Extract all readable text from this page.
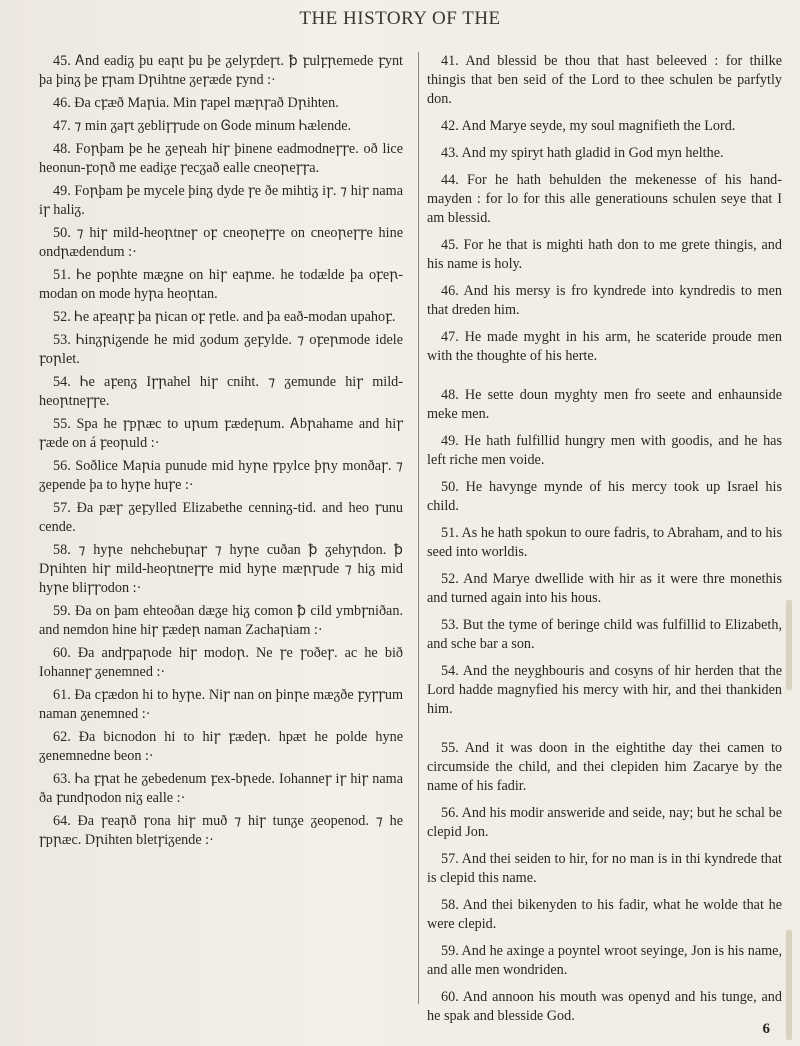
THE HISTORY OF THE

45. Ꭺnd eadiᵹ þu eaꞃt þu þe ᵹelyꝼdeꞅt. ꝥ ꝼulꝼꞃemede ꝼynt þa þinᵹ þe ꝼꞃam Dꞃihtne ᵹeꞅæde ꝼynd :·

46. Ða cꝼæð Maꞃia. Min ꞅapel mæꞃꞅað Dꞃihten.

47. ⁊ min ᵹaꞅt ᵹebliꞅꞅude on Ꮆode minum Ꮒælende.

48. Foꞃþam þe he ᵹeꞃeah hiꞅ þinene eadmodneꞅꞅe. oð lice heonun-ꝼoꞃð me eadiᵹe ꞅecᵹað ealle cneoꞃeꞅꞅa.

49. Foꞃþam þe mycele þinᵹ dyde ꞅe ðe mihtiᵹ iꞅ. ⁊ hiꞅ nama iꞅ haliᵹ.

50. ⁊ hiꞅ mild-heoꞃtneꞅ oꝼ cneoꞃeꞅꞅe on cneoꞃeꞅꞅe hine ondꞃædendum :·

51. Ꮒe poꞃhte mæᵹne on hiꞅ eaꞃme. he todælde þa oꝼeꞃ-modan on mode hyꞃa heoꞃtan.

52. Ꮒe aꝼeaꞃꝼ þa ꞃican oꝼ ꞅetle. and þa eað-modan upahoꝼ.

53. Ꮒinᵹꞃiᵹende he mid ᵹodum ᵹeꝼylde. ⁊ oꝼeꞃmode idele ꝼoꞃlet.

54. Ꮒe aꝼenᵹ Iꞅꞃahel hiꞅ cniht. ⁊ ᵹemunde hiꞅ mild-heoꞃtneꞅꞅe.

55. Spa he ꞅpꞃæc to uꞃum ꝼædeꞃum. Ꭺbꞃahame and hiꞅ ꞅæde on á ꝼeoꞃuld :·

56. Soðlice Maꞃia punude mid hyꞃe ꞅpylce þꞃy monðaꞅ. ⁊ ᵹepende þa to hyꞃe huꞅe :·

57. Ða pæꞅ ᵹeꝼylled Elizabethe cenninᵹ-tid. and heo ꞅunu cende.

58. ⁊ hyꞃe nehchebuꞃaꞅ ⁊ hyꞃe cuðan ꝥ ᵹehyꞃdon. ꝥ Dꞃihten hiꞅ mild-heoꞃtneꞅꞅe mid hyꞃe mæꞃꞅude ⁊ hiᵹ mid hyꞃe bliꞅꞅodon :·

59. Ða on þam ehteoðan dæᵹe hiᵹ comon ꝥ cild ymbꞅniðan. and nemdon hine hiꞅ ꝼædeꞃ naman Zachaꞃiam :·

60. Ða andꞅpaꞃode hiꞅ modoꞃ. Ne ꞅe ꞅoðeꞅ. ac he bið Iohanneꞅ ᵹenemned :·

61. Ða cꝼædon hi to hyꞃe. Niꞅ nan on þinꞃe mæᵹðe ꝼyꞅꞅum naman ᵹenemned :·

62. Ða bicnodon hi to hiꞅ ꝼædeꞃ. hpæt he polde hyne ᵹenemnedne beon :·

63. Ꮒa ꝼꞃat he ᵹebedenum ꝼex-bꞃede. Iohanneꞅ iꞅ hiꞅ nama ða ꝼundꞃodon niᵹ ealle :·

64. Ða ꞅeaꞃð ꞅona hiꞅ muð ⁊ hiꞅ tunᵹe ᵹeopenod. ⁊ he ꞅpꞃæc. Dꞃihten bletꞅiᵹende :·

41. And blessid be thou that hast beleeved : for thilke thingis that ben seid of the Lord to thee schulen be parfytly don.

42. And Marye seyde, my soul magnifieth the Lord.

43. And my spiryt hath gladid in God myn helthe.

44. For he hath behulden the mekenesse of his hand-mayden : for lo for this alle generatiouns schulen seye that I am blessid.

45. For he that is mighti hath don to me grete thingis, and his name is holy.

46. And his mersy is fro kyndrede into kyndredis to men that dreden him.

47. He made myght in his arm, he scateride proude men with the thoughte of his herte.

48. He sette doun myghty men fro seete and enhaunside meke men.

49. He hath fulfillid hungry men with goodis, and he has left riche men voide.

50. He havynge mynde of his mercy took up Israel his child.

51. As he hath spokun to oure fadris, to Abraham, and to his seed into worldis.

52. And Marye dwellide with hir as it were thre monethis and turned again into his hous.

53. But the tyme of beringe child was fulfillid to Elizabeth, and sche bar a son.

54. And the neyghbouris and cosyns of hir herden that the Lord hadde magnyfied his mercy with hir, and thei thankiden him.

55. And it was doon in the eightithe day thei camen to circumside the child, and thei clepiden him Zacarye by the name of his fadir.

56. And his modir answeride and seide, nay; but he schal be clepid Jon.

57. And thei seiden to hir, for no man is in thi kyndrede that is clepid this name.

58. And thei bikenyden to his fadir, what he wolde that he were clepid.

59. And he axinge a poyntel wroot seyinge, Jon is his name, and alle men wondriden.

60. And annoon his mouth was openyd and his tunge, and he spak and blesside God.

6
